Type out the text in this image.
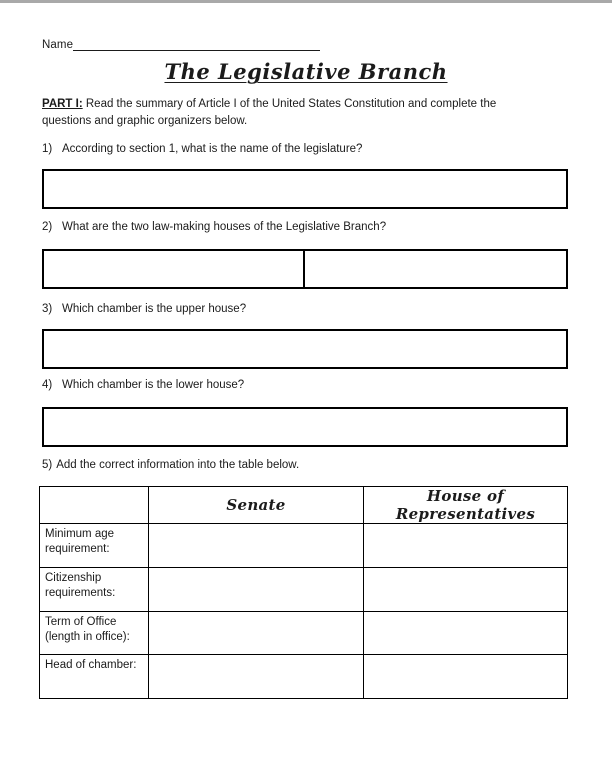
Name
The Legislative Branch
PART I: Read the summary of Article I of the United States Constitution and complete the questions and graphic organizers below.
1) According to section 1, what is the name of the legislature?
2) What are the two law-making houses of the Legislative Branch?
3) Which chamber is the upper house?
4) Which chamber is the lower house?
5) Add the correct information into the table below.
	Senate	House of Representatives
Minimum age requirement:		
Citizenship requirements:		
Term of Office (length in office):		
Head of chamber:		
